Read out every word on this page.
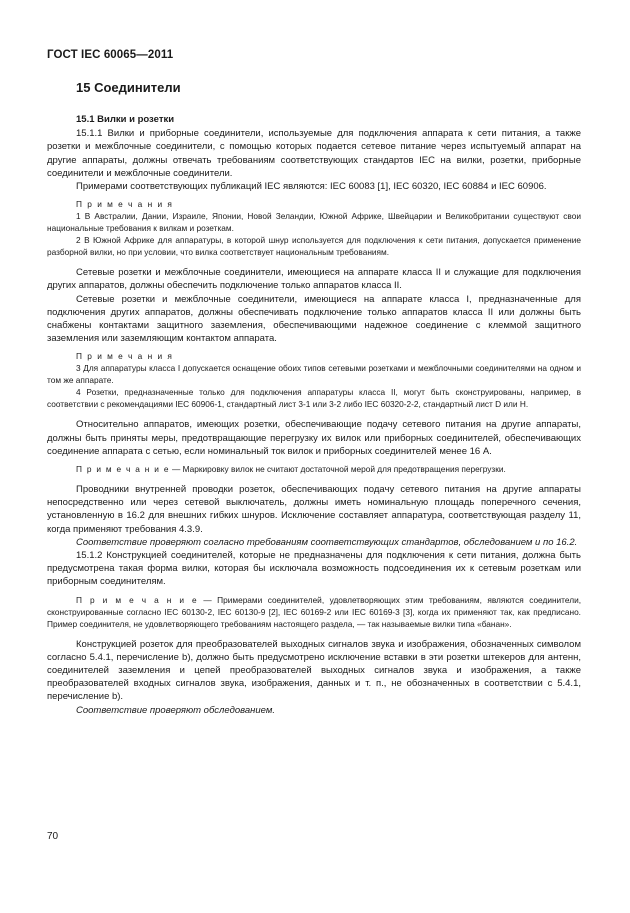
ГОСТ IEC 60065—2011
15 Соединители
15.1 Вилки и розетки

15.1.1 Вилки и приборные соединители, используемые для подключения аппарата к сети питания, а также розетки и межблочные соединители, с помощью которых подается сетевое питание через испытуемый аппарат на другие аппараты, должны отвечать требованиям соответствующих стандартов IEC на вилки, розетки, приборные соединители и межблочные соединители.

Примерами соответствующих публикаций IEC являются: IEC 60083 [1], IEC 60320, IEC 60884 и IEC 60906.

П р и м е ч а н и я

1 В Австралии, Дании, Израиле, Японии, Новой Зеландии, Южной Африке, Швейцарии и Великобритании существуют свои национальные требования к вилкам и розеткам.

2 В Южной Африке для аппаратуры, в которой шнур используется для подключения к сети питания, допускается применение разборной вилки, но при условии, что вилка соответствует национальным требованиям.

Сетевые розетки и межблочные соединители, имеющиеся на аппарате класса II и служащие для подключения других аппаратов, должны обеспечить подключение только аппаратов класса II.

Сетевые розетки и межблочные соединители, имеющиеся на аппарате класса I, предназначенные для подключения других аппаратов, должны обеспечивать подключение только аппаратов класса II или должны быть снабжены контактами защитного заземления, обеспечивающими надежное соединение с клеммой защитного заземления или заземляющим контактом аппарата.

П р и м е ч а н и я

3 Для аппаратуры класса I допускается оснащение обоих типов сетевыми розетками и межблочными соединителями на одном и том же аппарате.

4 Розетки, предназначенные только для подключения аппаратуры класса II, могут быть сконструированы, например, в соответствии с рекомендациями IEC 60906-1, стандартный лист 3-1 или 3-2 либо IEC 60320-2-2, стандартный лист D или H.

Относительно аппаратов, имеющих розетки, обеспечивающие подачу сетевого питания на другие аппараты, должны быть приняты меры, предотвращающие перегрузку их вилок или приборных соединителей, обеспечивающих соединение аппарата с сетью, если номинальный ток вилок и приборных соединителей менее 16 А.

П р и м е ч а н и е — Маркировку вилок не считают достаточной мерой для предотвращения перегрузки.

Проводники внутренней проводки розеток, обеспечивающих подачу сетевого питания на другие аппараты непосредственно или через сетевой выключатель, должны иметь номинальную площадь поперечного сечения, установленную в 16.2 для внешних гибких шнуров. Исключение составляет аппаратура, соответствующая разделу 11, когда применяют требования 4.3.9.

Соответствие проверяют согласно требованиям соответствующих стандартов, обследованием и по 16.2.

15.1.2 Конструкцией соединителей, которые не предназначены для подключения к сети питания, должна быть предусмотрена такая форма вилки, которая бы исключала возможность подсоединения их к сетевым розеткам или приборным соединителям.

П р и м е ч а н и е — Примерами соединителей, удовлетворяющих этим требованиям, являются соединители, сконструированные согласно IEC 60130-2, IEC 60130-9 [2], IEC 60169-2 или IEC 60169-3 [3], когда их применяют так, как предписано. Пример соединителя, не удовлетворяющего требованиям настоящего раздела, — так называемые вилки типа «банан».

Конструкцией розеток для преобразователей выходных сигналов звука и изображения, обозначенных символом согласно 5.4.1, перечисление b), должно быть предусмотрено исключение вставки в эти розетки штекеров для антенн, соединителей заземления и цепей преобразователей выходных сигналов звука и изображения, а также преобразователей входных сигналов звука, изображения, данных и т. п., не обозначенных в соответствии с 5.4.1, перечисление b).

Соответствие проверяют обследованием.

70
